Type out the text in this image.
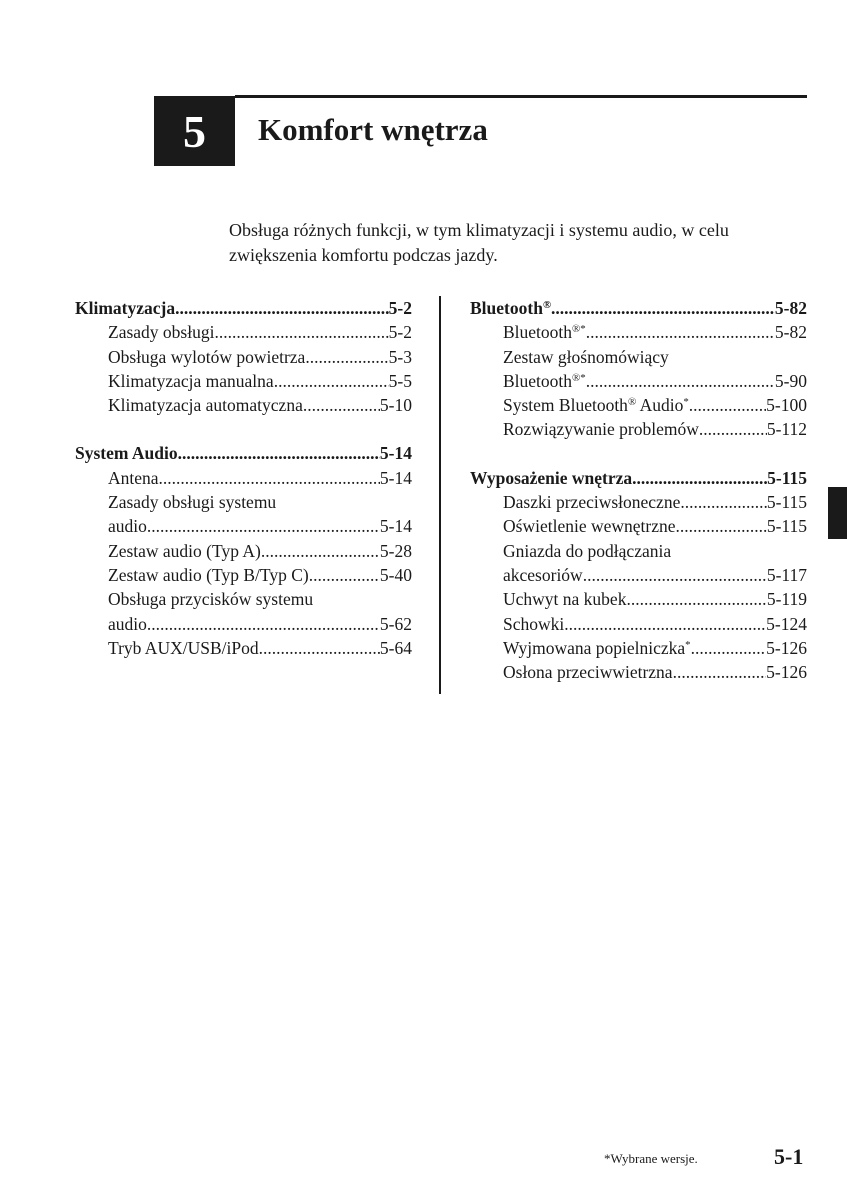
5 Komfort wnętrza

Obsługa różnych funkcji, w tym klimatyzacji i systemu audio, w celu

zwiększenia komfortu podczas jazdy.

Klimatyzacja .....	5-2
Zasady obsługi .....	5-2
Obsługa wylotów powietrza .....	5-3
Klimatyzacja manualna .....	5-5
Klimatyzacja automatyczna .....	5-10
System Audio .....	5-14
Antena .....	5-14
Zasady obsługi systemu
audio .....	5-14
Zestaw audio (Typ A) .....	5-28
Zestaw audio (Typ B/Typ C) .....	5-40
Obsługa przycisków systemu
audio .....	5-62
Tryb AUX/USB/iPod .....	5-64
Bluetooth® .....	5-82
Bluetooth®* .....	5-82
Zestaw głośnomówiący
Bluetooth®* .....	5-90
System Bluetooth® Audio* .....	5-100
Rozwiązywanie problemów .....	5-112
Wyposażenie wnętrza .....	5-115
Daszki przeciwsłoneczne .....	5-115
Oświetlenie wewnętrzne .....	5-115
Gniazda do podłączania
akcesoriów .....	5-117
Uchwyt na kubek .....	5-119
Schowki .....	5-124
Wyjmowana popielniczka* .....	5-126
Osłona przeciwwietrzna .....	5-126
*Wybrane wersje.	5-1
